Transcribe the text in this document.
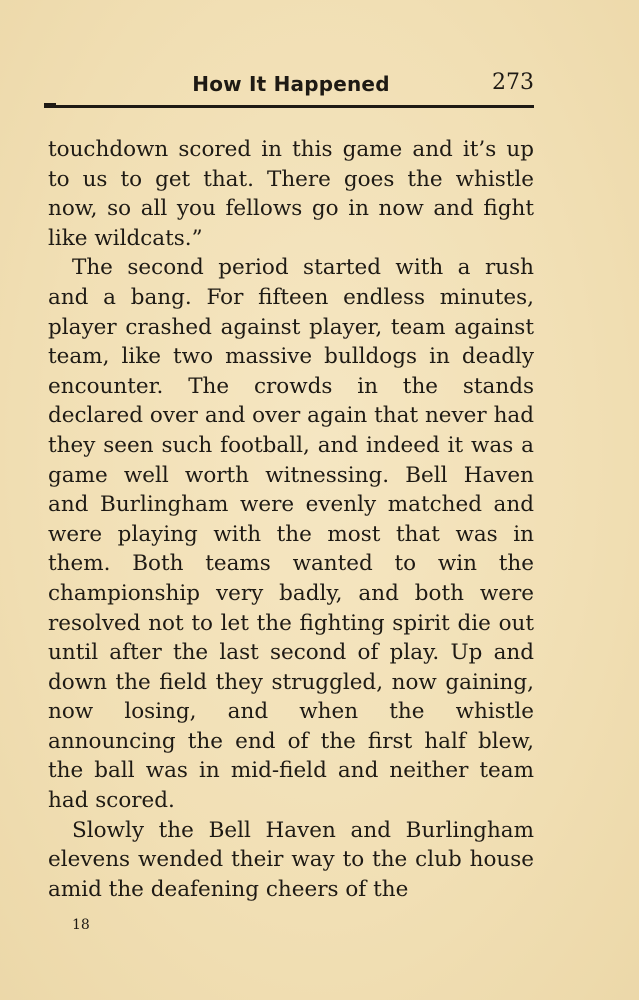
How It Happened	273

touchdown scored in this game and it’s up to us to get that. There goes the whistle now, so all you fellows go in now and fight like wildcats.”

The second period started with a rush and a bang. For fifteen endless minutes, player crashed against player, team against team, like two massive bulldogs in deadly encounter. The crowds in the stands declared over and over again that never had they seen such football, and indeed it was a game well worth witnessing. Bell Haven and Burlingham were evenly matched and were playing with the most that was in them. Both teams wanted to win the championship very badly, and both were resolved not to let the fighting spirit die out until after the last second of play. Up and down the field they struggled, now gaining, now losing, and when the whistle announcing the end of the first half blew, the ball was in mid-field and neither team had scored.

Slowly the Bell Haven and Burlingham elevens wended their way to the club house amid the deafening cheers of the

18
